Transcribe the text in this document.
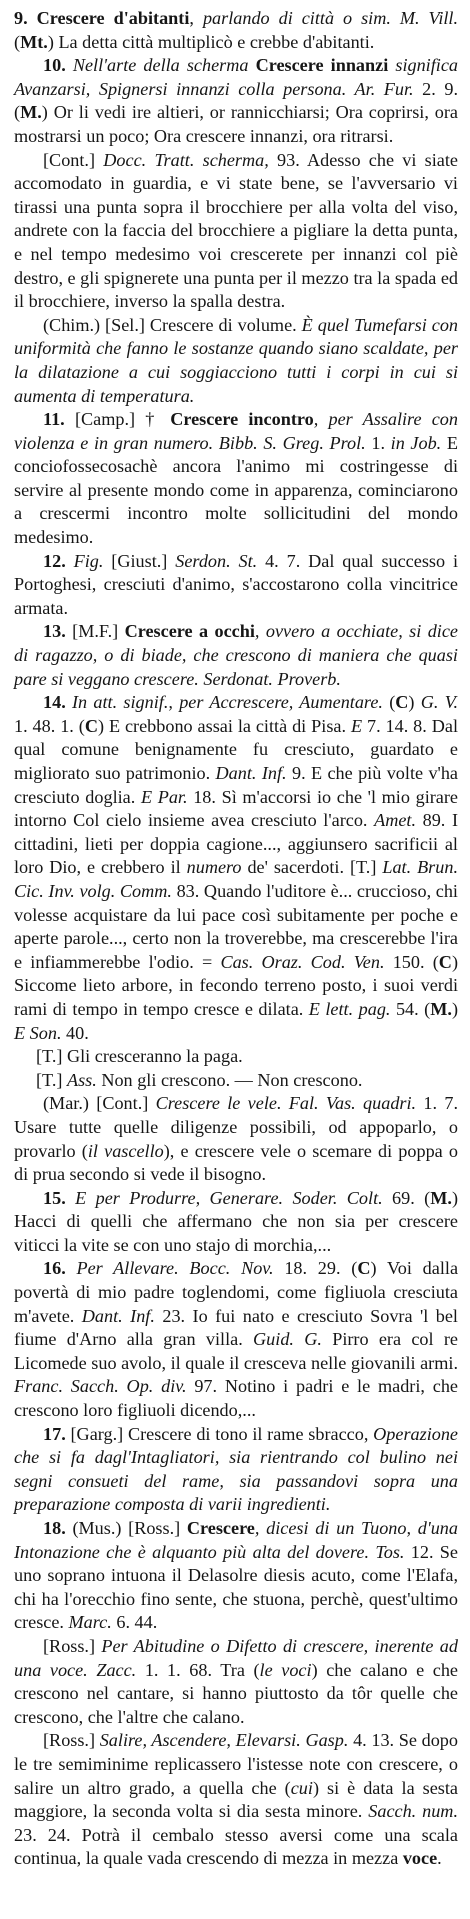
9. Crescere d'abitanti, parlando di città o sim. M. Vill. (Mt.) La detta città multiplicò e crebbe d'abitanti.

10. Nell'arte della scherma Crescere innanzi significa Avanzarsi, Spignersi innanzi colla persona. Ar. Fur. 2. 9. (M.) Or li vedi ire altieri, or rannicchiarsi; Ora coprirsi, ora mostrarsi un poco; Ora crescere innanzi, ora ritrarsi.

[Cont.] Docc. Tratt. scherma, 93. Adesso che vi siate accomodato in guardia, e vi state bene, se l'avversario vi tirassi una punta sopra il brocchiere per alla volta del viso, andrete con la faccia del brocchiere a pigliare la detta punta, e nel tempo medesimo voi crescerete per innanzi col piè destro, e gli spignerete una punta per il mezzo tra la spada ed il brocchiere, inverso la spalla destra.

(Chim.) [Sel.] Crescere di volume. È quel Tumefarsi con uniformità che fanno le sostanze quando siano scaldate, per la dilatazione a cui soggiacciono tutti i corpi in cui si aumenta di temperatura.

11. [Camp.] † Crescere incontro, per Assalire con violenza e in gran numero. Bibb. S. Greg. Prol. 1. in Job. E conciofossecosachè ancora l'animo mi costringesse di servire al presente mondo come in apparenza, cominciarono a crescermi incontro molte sollicitudini del mondo medesimo.

12. Fig. [Giust.] Serdon. St. 4. 7. Dal qual successo i Portoghesi, cresciuti d'animo, s'accostarono colla vincitrice armata.

13. [M.F.] Crescere a occhi, ovvero a occhiate, si dice di ragazzo, o di biade, che crescono di maniera che quasi pare si veggano crescere. Serdonat. Proverb.

14. In att. signif., per Accrescere, Aumentare. (C) G. V. 1. 48. 1. (C) E crebbono assai la città di Pisa. E 7. 14. 8. Dal qual comune benignamente fu cresciuto, guardato e migliorato suo patrimonio. Dant. Inf. 9. E che più volte v'ha cresciuto doglia. E Par. 18. Sì m'accorsi io che 'l mio girare intorno Col cielo insieme avea cresciuto l'arco. Amet. 89. I cittadini, lieti per doppia cagione..., aggiunsero sacrificii al loro Dio, e crebbero il numero de' sacerdoti. [T.] Lat. Brun. Cic. Inv. volg. Comm. 83. Quando l'uditore è... cruccioso, chi volesse acquistare da lui pace così subitamente per poche e aperte parole..., certo non la troverebbe, ma crescerebbe l'ira e infiammerebbe l'odio. = Cas. Oraz. Cod. Ven. 150. (C) Siccome lieto arbore, in fecondo terreno posto, i suoi verdi rami di tempo in tempo cresce e dilata. E lett. pag. 54. (M.) E Son. 40.

[T.] Gli cresceranno la paga.

[T.] Ass. Non gli crescono. — Non crescono.

(Mar.) [Cont.] Crescere le vele. Fal. Vas. quadri. 1. 7. Usare tutte quelle diligenze possibili, od appoparlo, o provarlo (il vascello), e crescere vele o scemare di poppa o di prua secondo si vede il bisogno.

15. E per Produrre, Generare. Soder. Colt. 69. (M.) Hacci di quelli che affermano che non sia per crescere viticci la vite se con uno stajo di morchia,...

16. Per Allevare. Bocc. Nov. 18. 29. (C) Voi dalla povertà di mio padre toglendomi, come figliuola cresciuta m'avete. Dant. Inf. 23. Io fui nato e cresciuto Sovra 'l bel fiume d'Arno alla gran villa. Guid. G. Pirro era col re Licomede suo avolo, il quale il cresceva nelle giovanili armi. Franc. Sacch. Op. div. 97. Notino i padri e le madri, che crescono loro figliuoli dicendo,...

17. [Garg.] Crescere di tono il rame sbracco, Operazione che si fa dagl'Intagliatori, sia rientrando col bulino nei segni consueti del rame, sia passandovi sopra una preparazione composta di varii ingredienti.

18. (Mus.) [Ross.] Crescere, dicesi di un Tuono, d'una Intonazione che è alquanto più alta del dovere. Tos. 12. Se uno soprano intuona il Delasolre diesis acuto, come l'Elafa, chi ha l'orecchio fino sente, che stuona, perchè, quest'ultimo cresce. Marc. 6. 44.

[Ross.] Per Abitudine o Difetto di crescere, inerente ad una voce. Zacc. 1. 1. 68. Tra (le voci) che calano e che crescono nel cantare, si hanno piuttosto da tôr quelle che crescono, che l'altre che calano.

[Ross.] Salire, Ascendere, Elevarsi. Gasp. 4. 13. Se dopo le tre semiminime replicassero l'istesse note con crescere, o salire un altro grado, a quella che (cui) si è data la sesta maggiore, la seconda volta si dia sesta minore. Sacch. num. 23. 24. Potrà il cembalo stesso aversi come una scala continua, la quale vada crescendo di mezza in mezza voce.
